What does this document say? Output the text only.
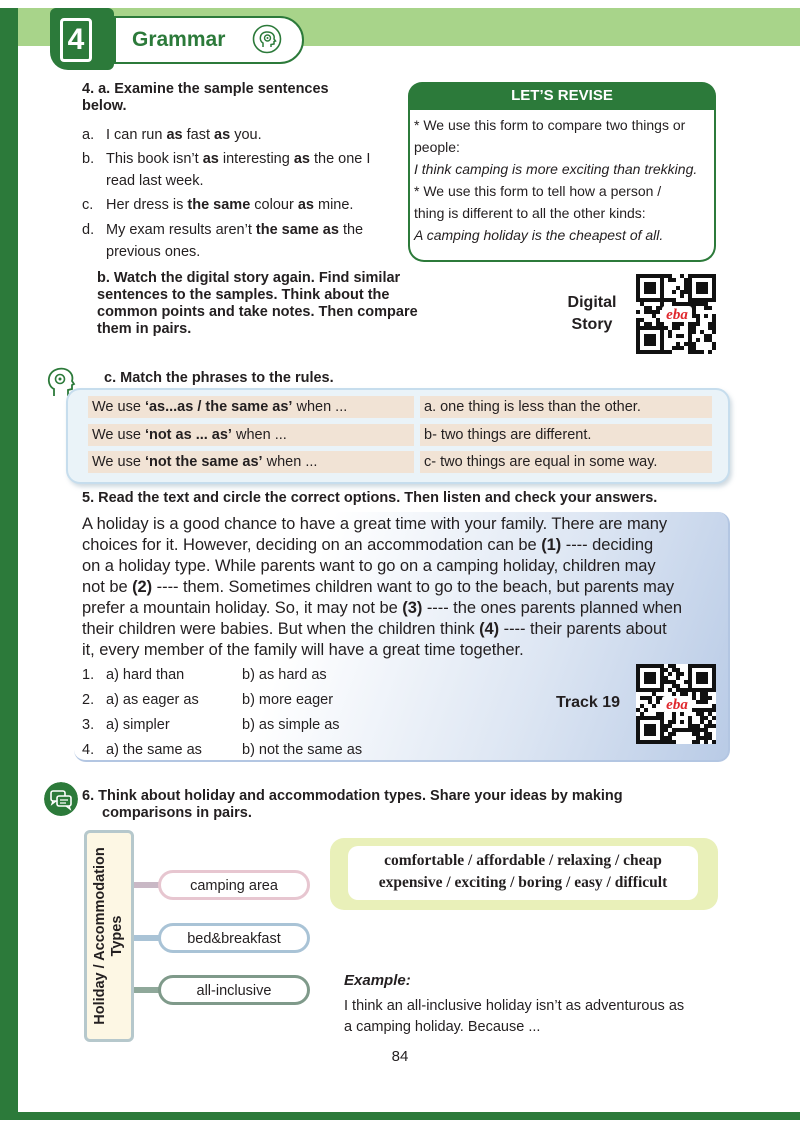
4	Grammar
4. a. Examine the sample sentences
below.
a. I can run as fast as you.
b. This book isn’t as interesting as the one I
read last week.
c. Her dress is the same colour as mine.
d. My exam results aren’t the same as the
previous ones.
LET’S REVISE
* We use this form to compare two things or
people:
I think camping is more exciting than trekking.
* We use this form to tell how a person /
thing is different to all the other kinds:
A camping holiday is the cheapest of all.
b. Watch the digital story again. Find similar
sentences to the samples. Think about the
common points and take notes. Then compare
them in pairs.
Digital
Story
eba
c. Match the phrases to the rules.
We use ‘as...as / the same as’ when ...	a. one thing is less than the other.
We use ‘not as ... as’ when ...	b- two things are different.
We use ‘not the same as’ when ...	c- two things are equal in some way.
5. Read the text and circle the correct options. Then listen and check your answers.
A holiday is a good chance to have a great time with your family. There are many
choices for it. However, deciding on an accommodation can be (1) ---- deciding
on a holiday type. While parents want to go on a camping holiday, children may
not be (2) ---- them. Sometimes children want to go to the beach, but parents may
prefer a mountain holiday. So, it may not be (3) ---- the ones parents planned when
their children were babies. But when the children think (4) ---- their parents about
it, every member of the family will have a great time together.
1. a) hard than	b) as hard as
2. a) as eager as	b) more eager
3. a) simpler	b) as simple as
4. a) the same as	b) not the same as
Track 19	eba
6. Think about holiday and accommodation types. Share your ideas by making
comparisons in pairs.
Holiday / Accommodation Types
camping area
bed&breakfast
all-inclusive
comfortable / affordable / relaxing / cheap
expensive / exciting / boring / easy / difficult
Example:
I think an all-inclusive holiday isn’t as adventurous as
a camping holiday. Because ...
84
